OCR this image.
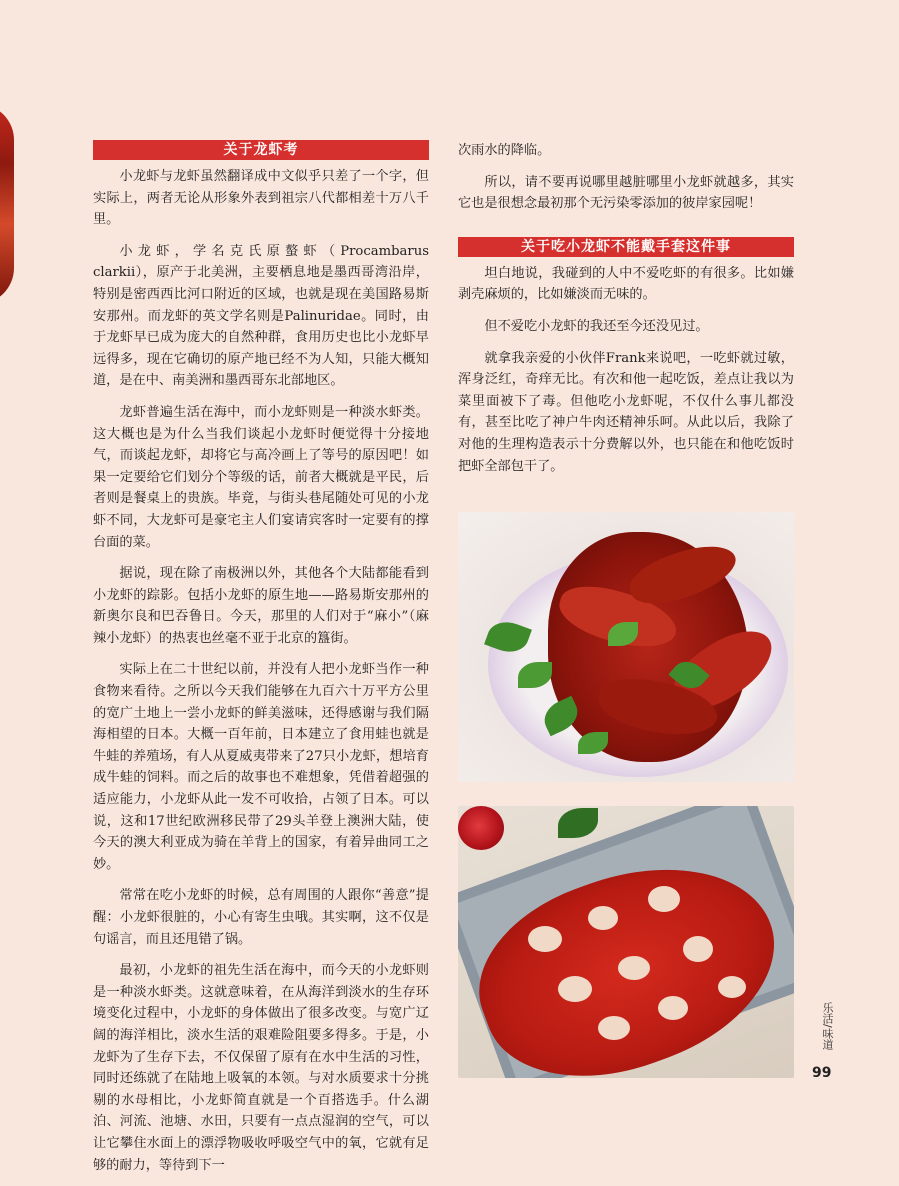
关于龙虾考

小龙虾与龙虾虽然翻译成中文似乎只差了一个字，但实际上，两者无论从形象外表到祖宗八代都相差十万八千里。

小龙虾，学名克氏原螯虾（Procambarus clarkii），原产于北美洲，主要栖息地是墨西哥湾沿岸，特别是密西西比河口附近的区域，也就是现在美国路易斯安那州。而龙虾的英文学名则是Palinuridae。同时，由于龙虾早已成为庞大的自然种群，食用历史也比小龙虾早远得多，现在它确切的原产地已经不为人知，只能大概知道，是在中、南美洲和墨西哥东北部地区。

龙虾普遍生活在海中，而小龙虾则是一种淡水虾类。这大概也是为什么当我们谈起小龙虾时便觉得十分接地气，而谈起龙虾，却将它与高冷画上了等号的原因吧！如果一定要给它们划分个等级的话，前者大概就是平民，后者则是餐桌上的贵族。毕竟，与街头巷尾随处可见的小龙虾不同，大龙虾可是豪宅主人们宴请宾客时一定要有的撑台面的菜。

据说，现在除了南极洲以外，其他各个大陆都能看到小龙虾的踪影。包括小龙虾的原生地——路易斯安那州的新奥尔良和巴吞鲁日。今天，那里的人们对于“麻小”（麻辣小龙虾）的热衷也丝毫不亚于北京的簋街。

实际上在二十世纪以前，并没有人把小龙虾当作一种食物来看待。之所以今天我们能够在九百六十万平方公里的宽广土地上一尝小龙虾的鲜美滋味，还得感谢与我们隔海相望的日本。大概一百年前，日本建立了食用蛙也就是牛蛙的养殖场，有人从夏威夷带来了27只小龙虾，想培育成牛蛙的饲料。而之后的故事也不难想象，凭借着超强的适应能力，小龙虾从此一发不可收拾，占领了日本。可以说，这和17世纪欧洲移民带了29头羊登上澳洲大陆，使今天的澳大利亚成为骑在羊背上的国家，有着异曲同工之妙。

常常在吃小龙虾的时候，总有周围的人跟你“善意”提醒：小龙虾很脏的，小心有寄生虫哦。其实啊，这不仅是句谣言，而且还甩错了锅。

最初，小龙虾的祖先生活在海中，而今天的小龙虾则是一种淡水虾类。这就意味着，在从海洋到淡水的生存环境变化过程中，小龙虾的身体做出了很多改变。与宽广辽阔的海洋相比，淡水生活的艰难险阻要多得多。于是，小龙虾为了生存下去，不仅保留了原有在水中生活的习性，同时还练就了在陆地上吸氧的本领。与对水质要求十分挑剔的水母相比，小龙虾简直就是一个百搭选手。什么湖泊、河流、池塘、水田，只要有一点点湿润的空气，可以让它攀住水面上的漂浮物吸收呼吸空气中的氧，它就有足够的耐力，等待到下一

次雨水的降临。

所以，请不要再说哪里越脏哪里小龙虾就越多，其实它也是很想念最初那个无污染零添加的彼岸家园呢！

关于吃小龙虾不能戴手套这件事

坦白地说，我碰到的人中不爱吃虾的有很多。比如嫌剥壳麻烦的，比如嫌淡而无味的。

但不爱吃小龙虾的我还至今还没见过。

就拿我亲爱的小伙伴Frank来说吧，一吃虾就过敏，浑身泛红，奇痒无比。有次和他一起吃饭，差点让我以为菜里面被下了毒。但他吃小龙虾呢，不仅什么事儿都没有，甚至比吃了神户牛肉还精神乐呵。从此以后，我除了对他的生理构造表示十分费解以外，也只能在和他吃饭时把虾全部包干了。

乐活/味道
99
